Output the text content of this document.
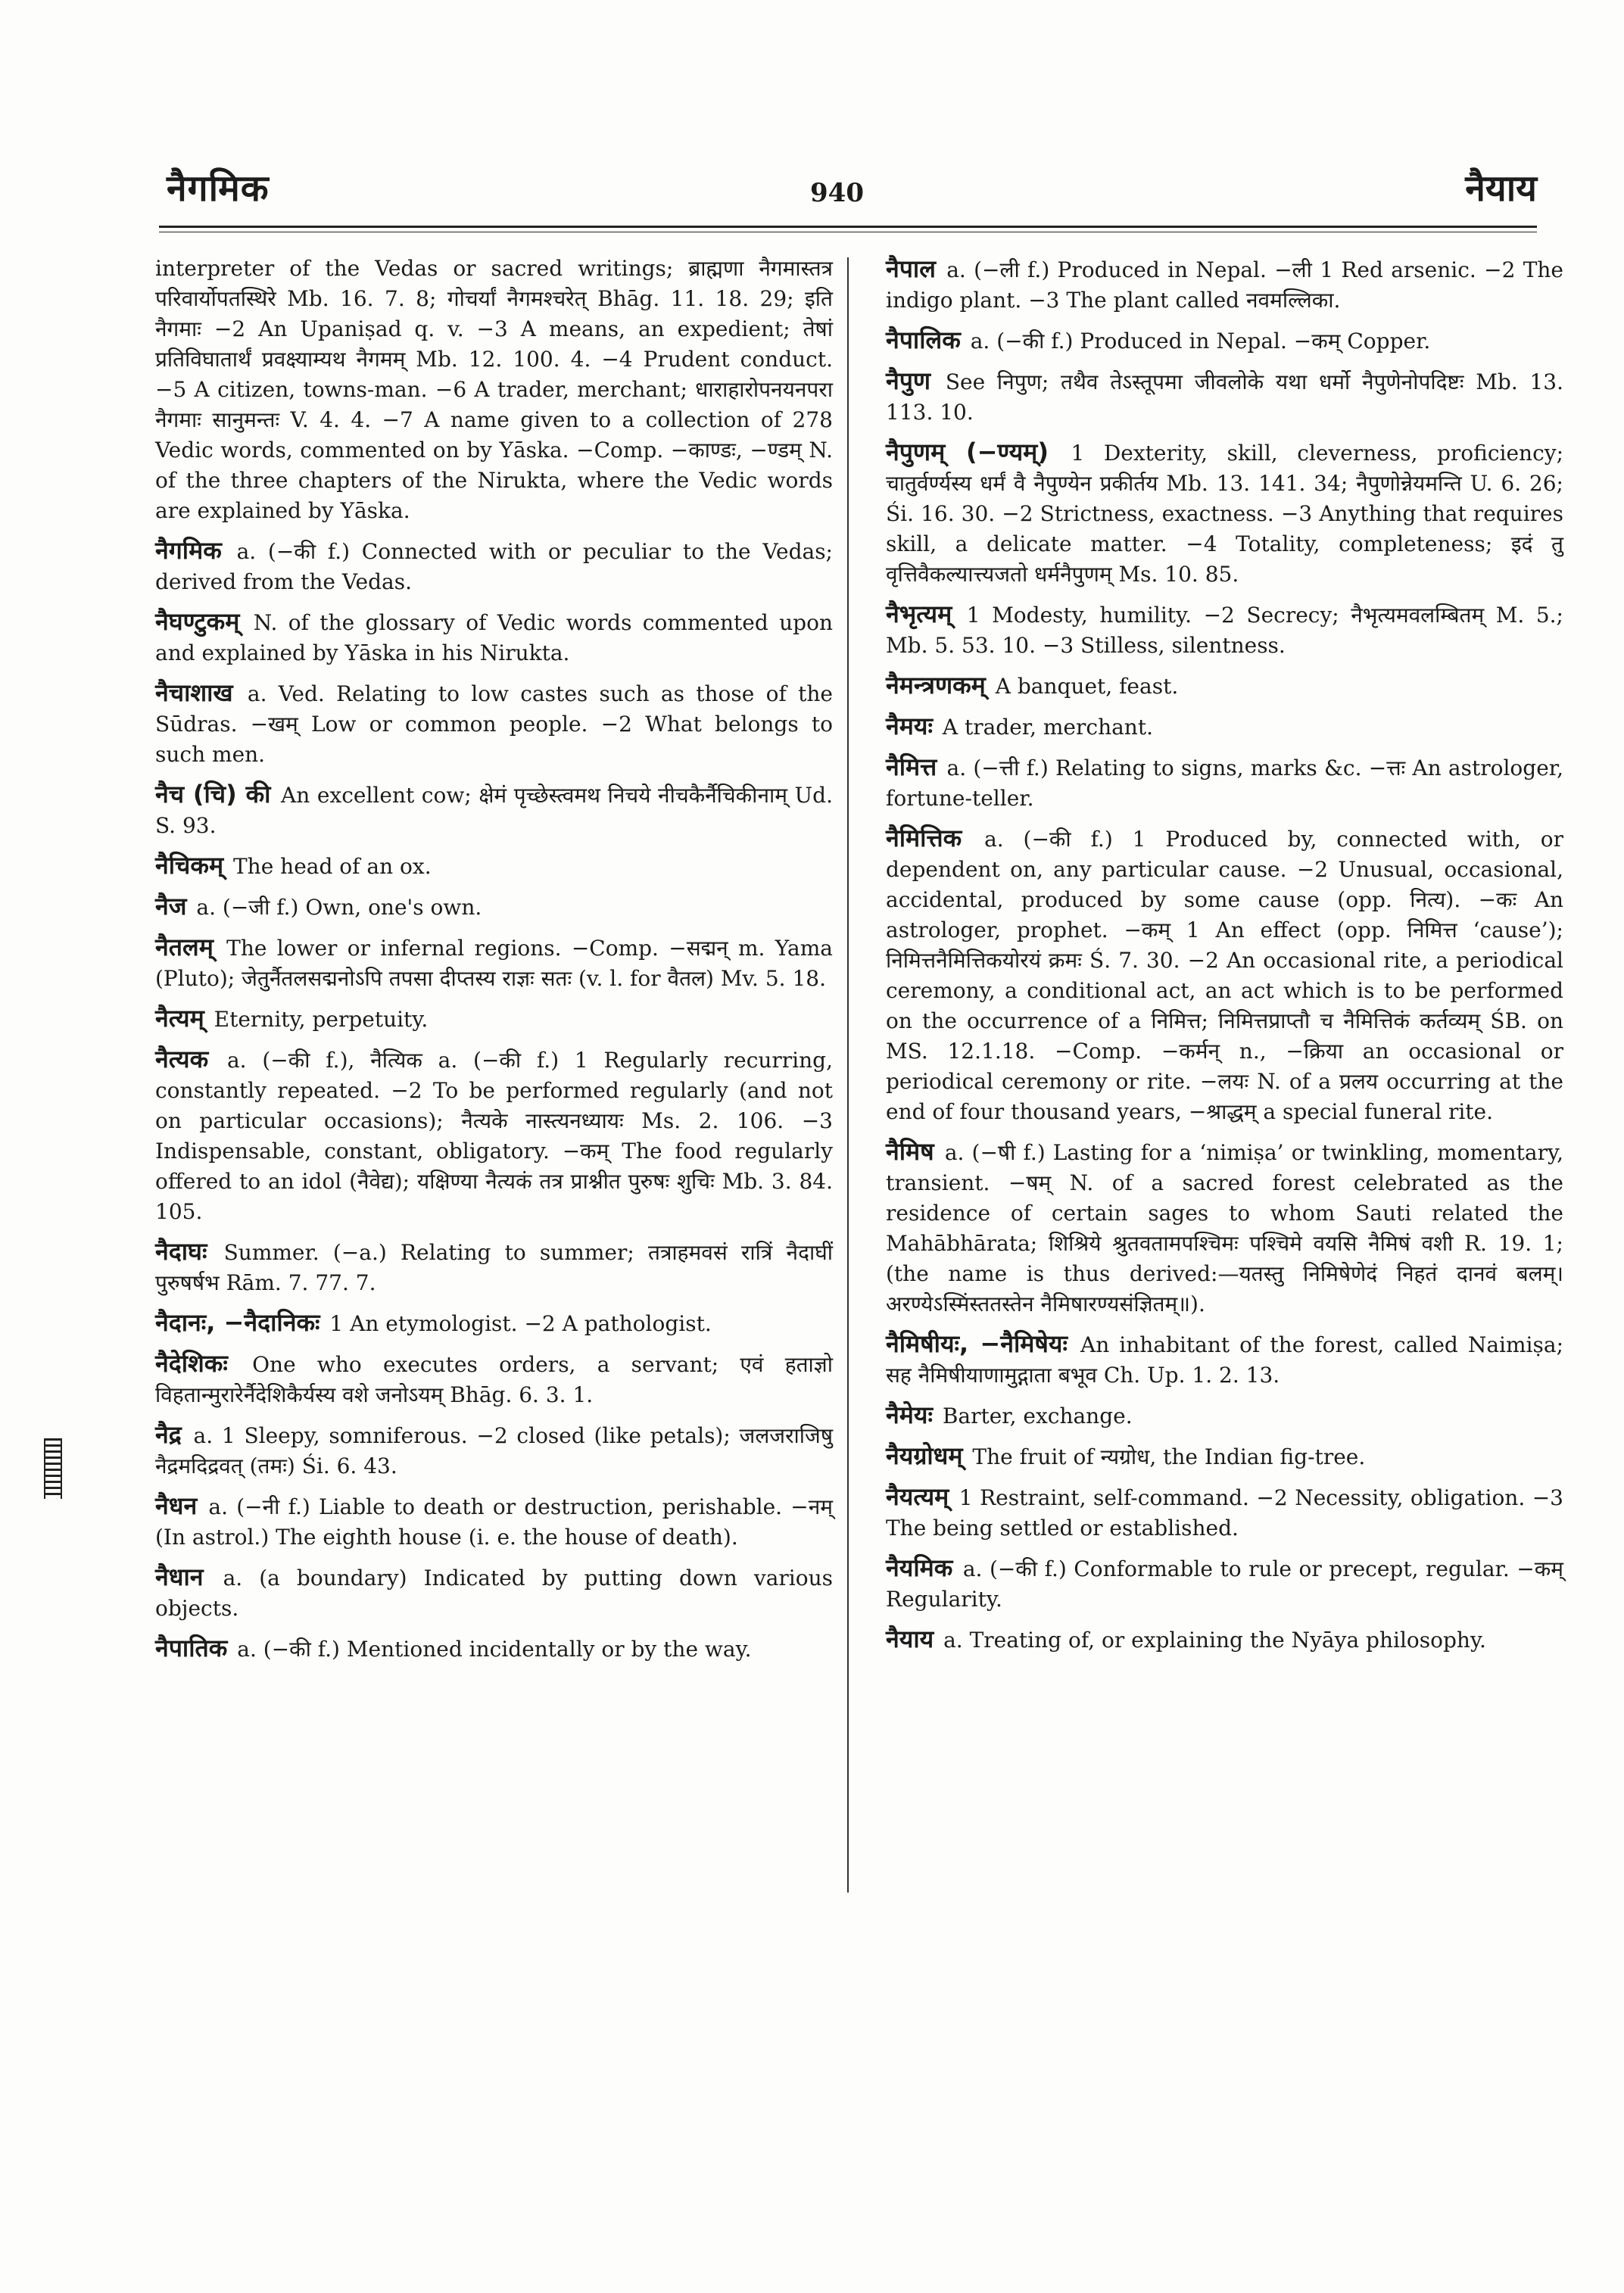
नैगमिक	940	नैयाय

interpreter of the Vedas or sacred writings; ब्राह्मणा नैगमास्तत्र परिवार्योपतस्थिरे Mb. 16. 7. 8; गोचर्यां नैगमश्चरेत् Bhāg. 11. 18. 29; इति नैगमाः −2 An Upaniṣad q. v. −3 A means, an expedient; तेषां प्रतिविघातार्थं प्रवक्ष्याम्यथ नैगमम् Mb. 12. 100. 4. −4 Prudent conduct. −5 A citizen, towns-man. −6 A trader, merchant; धाराहारोपनयनपरा नैगमाः सानुमन्तः V. 4. 4. −7 A name given to a collection of 278 Vedic words, commented on by Yāska. −Comp. −काण्डः, −ण्डम् N. of the three chapters of the Nirukta, where the Vedic words are explained by Yāska.

नैगमिक a. (−की f.) Connected with or peculiar to the Vedas; derived from the Vedas.

नैघण्टुकम् N. of the glossary of Vedic words commented upon and explained by Yāska in his Nirukta.

नैचाशाख a. Ved. Relating to low castes such as those of the Sūdras. −खम् Low or common people. −2 What belongs to such men.

नैच (चि) की An excellent cow; क्षेमं पृच्छेस्त्वमथ निचये नीचकैर्नैचिकीनाम् Ud. S. 93.

नैचिकम् The head of an ox.

नैज a. (−जी f.) Own, one's own.

नैतलम् The lower or infernal regions. −Comp. −सद्मन् m. Yama (Pluto); जेतुर्नैतलसद्मनोऽपि तपसा दीप्तस्य राज्ञः सतः (v. l. for वैतल) Mv. 5. 18.

नैत्यम् Eternity, perpetuity.

नैत्यक a. (−की f.), नैत्यिक a. (−की f.) 1 Regularly recurring, constantly repeated. −2 To be performed regularly (and not on particular occasions); नैत्यके नास्त्यनध्यायः Ms. 2. 106. −3 Indispensable, constant, obligatory. −कम् The food regularly offered to an idol (नैवेद्य); यक्षिण्या नैत्यकं तत्र प्राश्नीत पुरुषः शुचिः Mb. 3. 84. 105.

नैदाघः Summer. (−a.) Relating to summer; तत्राहमवसं रात्रिं नैदाघीं पुरुषर्षभ Rām. 7. 77. 7.

नैदानः, −नैदानिकः 1 An etymologist. −2 A pathologist.

नैदेशिकः One who executes orders, a servant; एवं हताज्ञो विहतान्मुरारेर्नैदेशिकैर्यस्य वशे जनोऽयम् Bhāg. 6. 3. 1.

नैद्र a. 1 Sleepy, somniferous. −2 closed (like petals); जलजराजिषु नैद्रमदिद्रवत् (तमः) Śi. 6. 43.

नैधन a. (−नी f.) Liable to death or destruction, perishable. −नम् (In astrol.) The eighth house (i. e. the house of death).

नैधान a. (a boundary) Indicated by putting down various objects.

नैपातिक a. (−की f.) Mentioned incidentally or by the way.

नैपाल a. (−ली f.) Produced in Nepal. −ली 1 Red arsenic. −2 The indigo plant. −3 The plant called नवमल्लिका.

नैपालिक a. (−की f.) Produced in Nepal. −कम् Copper.

नैपुण See निपुण; तथैव तेऽस्तूपमा जीवलोके यथा धर्मो नैपुणेनोपदिष्टः Mb. 13. 113. 10.

नैपुणम् (−ण्यम्) 1 Dexterity, skill, cleverness, proficiency; चातुर्वर्ण्यस्य धर्मं वै नैपुण्येन प्रकीर्तय Mb. 13. 141. 34; नैपुणोन्नेयमन्ति U. 6. 26; Śi. 16. 30. −2 Strictness, exactness. −3 Anything that requires skill, a delicate matter. −4 Totality, completeness; इदं तु वृत्तिवैकल्यात्त्यजतो धर्मनैपुणम् Ms. 10. 85.

नैभृत्यम् 1 Modesty, humility. −2 Secrecy; नैभृत्यमवलम्बितम् M. 5.; Mb. 5. 53. 10. −3 Stilless, silentness.

नैमन्त्रणकम् A banquet, feast.

नैमयः A trader, merchant.

नैमित्त a. (−त्ती f.) Relating to signs, marks &c. −त्तः An astrologer, fortune-teller.

नैमित्तिक a. (−की f.) 1 Produced by, connected with, or dependent on, any particular cause. −2 Unusual, occasional, accidental, produced by some cause (opp. नित्य). −कः An astrologer, prophet. −कम् 1 An effect (opp. निमित्त ‘cause’); निमित्तनैमित्तिकयोरयं क्रमः Ś. 7. 30. −2 An occasional rite, a periodical ceremony, a conditional act, an act which is to be performed on the occurrence of a निमित्त; निमित्तप्राप्तौ च नैमित्तिकं कर्तव्यम् ŚB. on MS. 12.1.18. −Comp. −कर्मन् n., −क्रिया an occasional or periodical ceremony or rite. −लयः N. of a प्रलय occurring at the end of four thousand years, −श्राद्धम् a special funeral rite.

नैमिष a. (−षी f.) Lasting for a ‘nimiṣa’ or twinkling, momentary, transient. −षम् N. of a sacred forest celebrated as the residence of certain sages to whom Sauti related the Mahābhārata; शिश्रिये श्रुतवतामपश्चिमः पश्चिमे वयसि नैमिषं वशी R. 19. 1; (the name is thus derived:—यतस्तु निमिषेणेदं निहतं दानवं बलम्। अरण्येऽस्मिंस्ततस्तेन नैमिषारण्यसंज्ञितम्॥).

नैमिषीयः, −नैमिषेयः An inhabitant of the forest, called Naimiṣa; सह नैमिषीयाणामुद्गाता बभूव Ch. Up. 1. 2. 13.

नैमेयः Barter, exchange.

नैयग्रोधम् The fruit of न्यग्रोध, the Indian fig-tree.

नैयत्यम् 1 Restraint, self-command. −2 Necessity, obligation. −3 The being settled or established.

नैयमिक a. (−की f.) Conformable to rule or precept, regular. −कम् Regularity.

नैयाय a. Treating of, or explaining the Nyāya philosophy.
